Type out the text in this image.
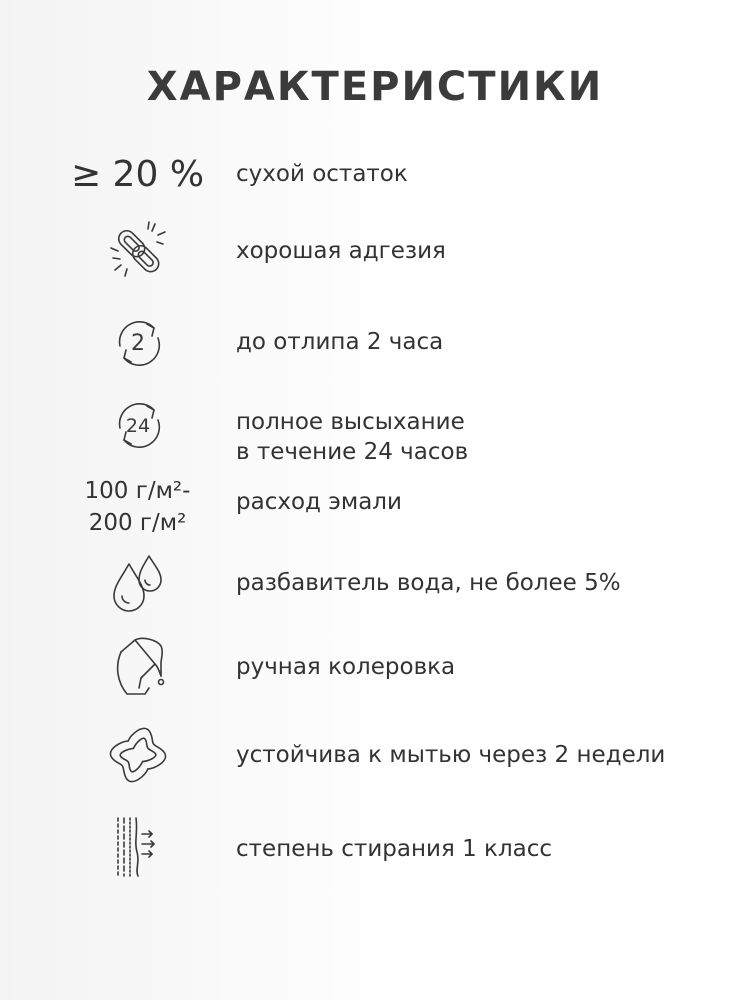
ХАРАКТЕРИСТИКИ
≥ 20 % сухой остаток
хорошая адгезия
2	до отлипа 2 часа
24	полное высыхание
в течение 24 часов
100 г/м²-
200 г/м²
расход эмали
разбавитель вода, не более 5%
ручная колеровка
устойчива к мытью через 2 недели
степень стирания 1 класс
